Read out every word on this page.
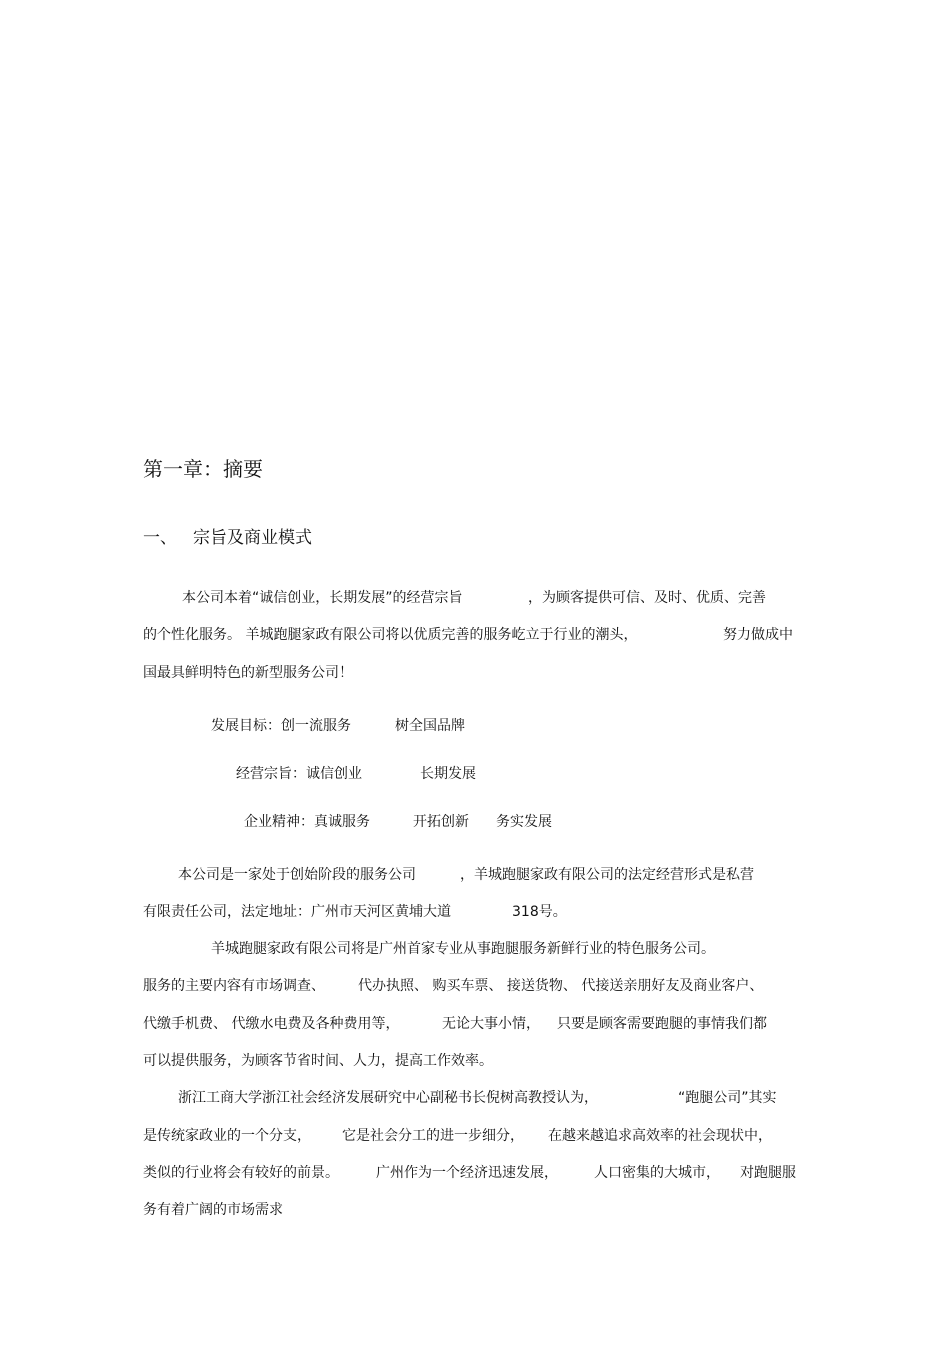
第一章：摘要
一、 宗旨及商业模式
本公司本着“诚信创业，长期发展”的经营宗旨	，为顾客提供可信、及时、优质、完善
的个性化服务。 羊城跑腿家政有限公司将以优质完善的服务屹立于行业的潮头，	努力做成中
国最具鲜明特色的新型服务公司！
发展目标：创一流服务	树全国品牌
经营宗旨：诚信创业	长期发展
企业精神：真诚服务	开拓创新 务实发展
本公司是一家处于创始阶段的服务公司	，羊城跑腿家政有限公司的法定经营形式是私营
有限责任公司，法定地址：广州市天河区黄埔大道	318号。
羊城跑腿家政有限公司将是广州首家专业从事跑腿服务新鲜行业的特色服务公司。
服务的主要内容有市场调查、 代办执照、 购买车票、 接送货物、 代接送亲朋好友及商业客户、
代缴手机费、 代缴水电费及各种费用等，	无论大事小情， 只要是顾客需要跑腿的事情我们都
可以提供服务，为顾客节省时间、人力，提高工作效率。
浙江工商大学浙江社会经济发展研究中心副秘书长倪树高教授认为，	“跑腿公司”其实
是传统家政业的一个分支， 它是社会分工的进一步细分， 在越来越追求高效率的社会现状中，
类似的行业将会有较好的前景。	广州作为一个经济迅速发展，	人口密集的大城市， 对跑腿服
务有着广阔的市场需求
